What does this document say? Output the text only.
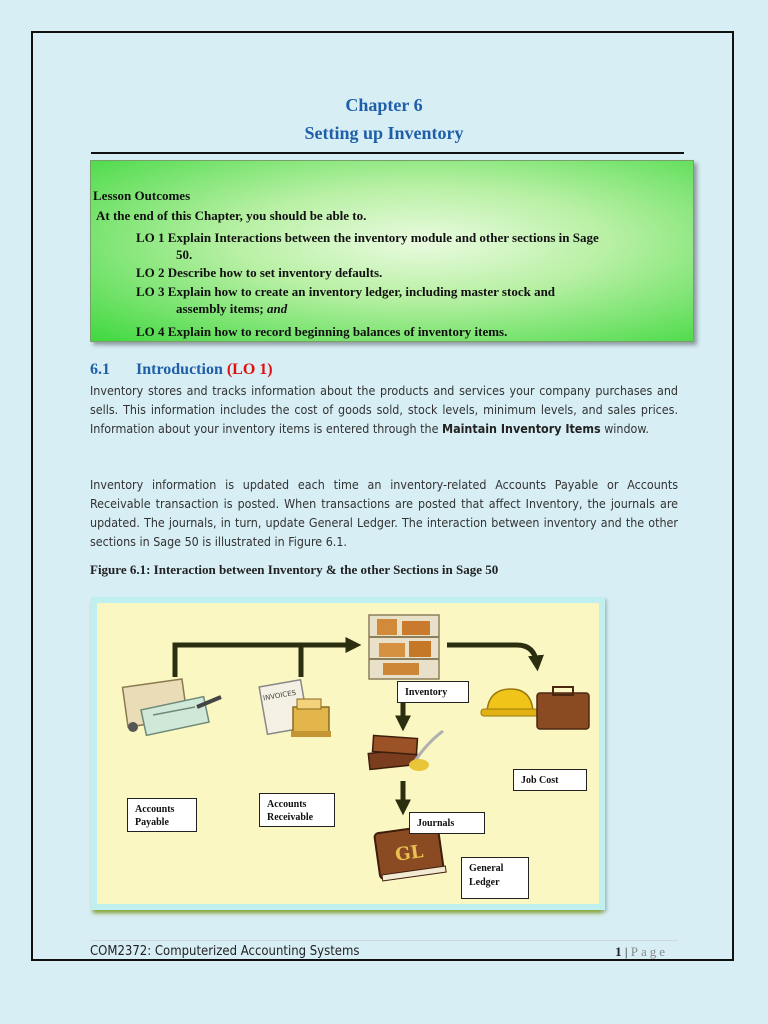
Chapter 6
Setting up Inventory
Lesson Outcomes
At the end of this Chapter, you should be able to.
LO 1 Explain Interactions between the inventory module and other sections in Sage
50.
LO 2 Describe how to set inventory defaults.
LO 3 Explain how to create an inventory ledger, including master stock and
assembly items; and
LO 4 Explain how to record beginning balances of inventory items.
6.1 Introduction (LO 1)
Inventory stores and tracks information about the products and services your company purchases and sells. This information includes the cost of goods sold, stock levels, minimum levels, and sales prices. Information about your inventory items is entered through the Maintain Inventory Items window.
Inventory information is updated each time an inventory-related Accounts Payable or Accounts Receivable transaction is posted. When transactions are posted that affect Inventory, the journals are updated. The journals, in turn, update General Ledger. The interaction between inventory and the other sections in Sage 50 is illustrated in Figure 6.1.
Figure 6.1: Interaction between Inventory & the other Sections in Sage 50
INVOICES
GL
Inventory
Job Cost
Accounts
Payable
Accounts
Receivable
Journals
General
Ledger
COM2372: Computerized Accounting Systems	1 | Page
